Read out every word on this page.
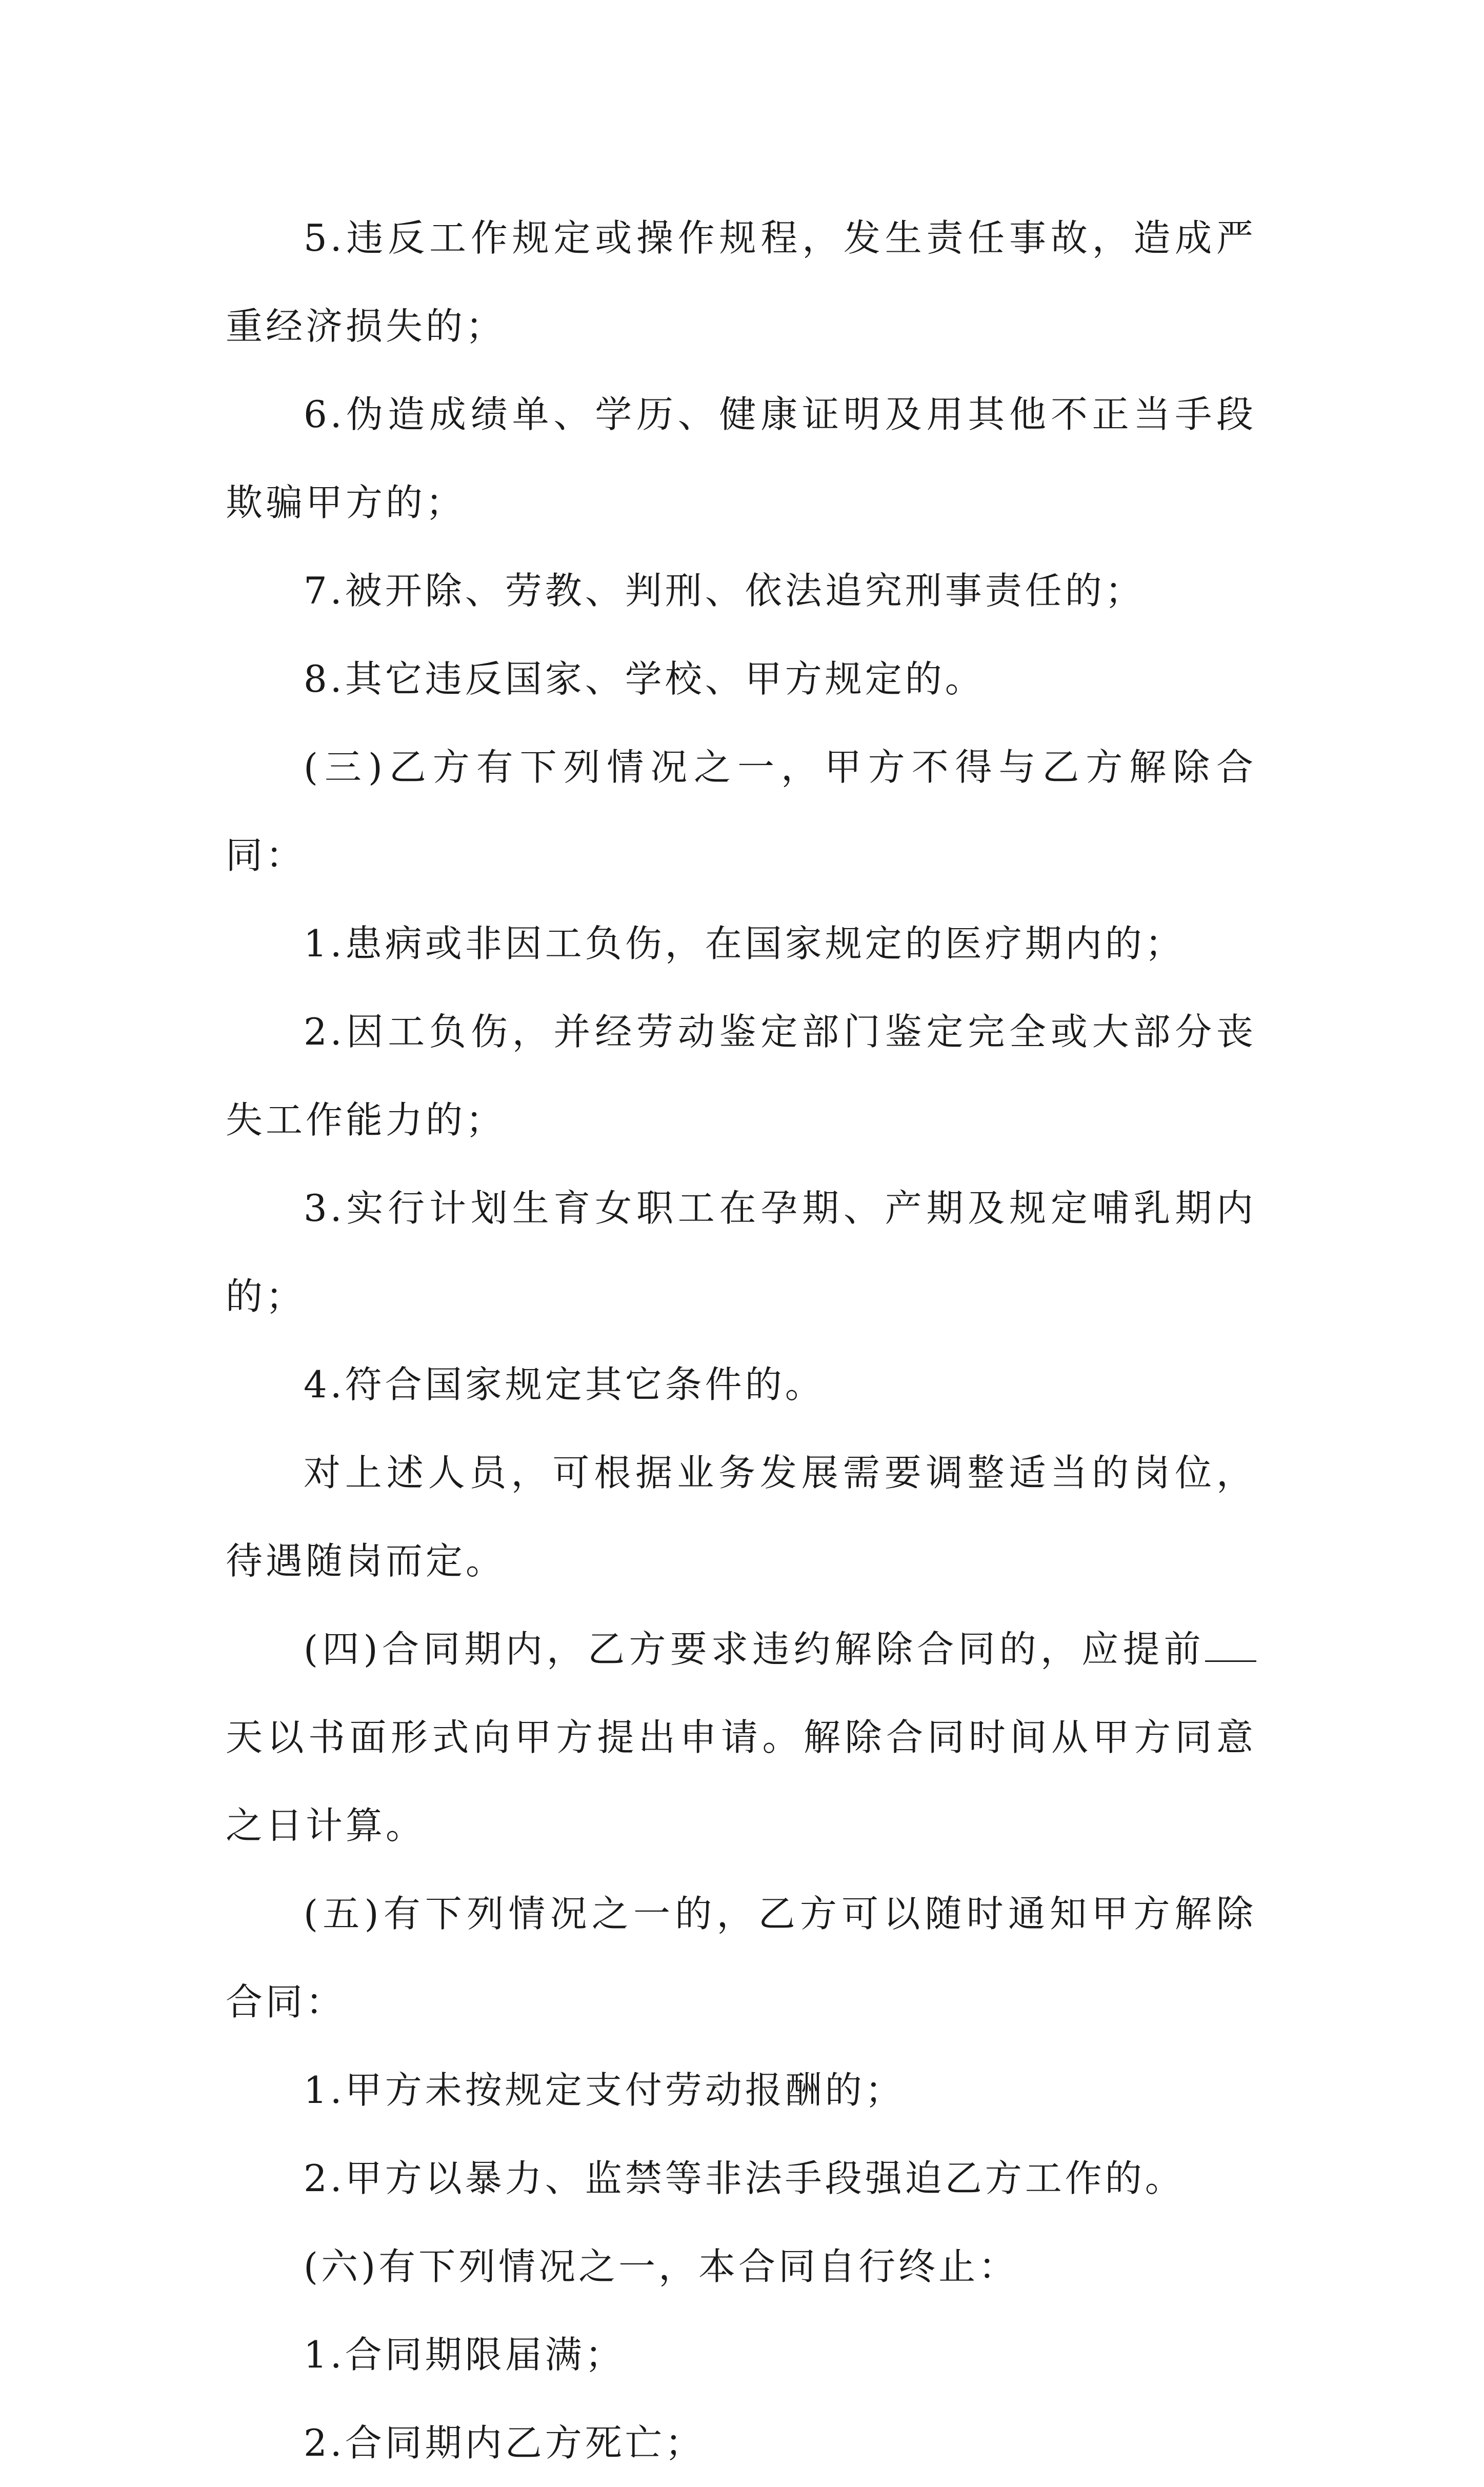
5.违反工作规定或操作规程，发生责任事故，造成严重经济损失的；

6.伪造成绩单、学历、健康证明及用其他不正当手段欺骗甲方的；

7.被开除、劳教、判刑、依法追究刑事责任的；

8.其它违反国家、学校、甲方规定的。

(三)乙方有下列情况之一，甲方不得与乙方解除合同：

1.患病或非因工负伤，在国家规定的医疗期内的；

2.因工负伤，并经劳动鉴定部门鉴定完全或大部分丧失工作能力的；

3.实行计划生育女职工在孕期、产期及规定哺乳期内的；

4.符合国家规定其它条件的。

对上述人员，可根据业务发展需要调整适当的岗位，待遇随岗而定。

(四)合同期内，乙方要求违约解除合同的，应提前天以书面形式向甲方提出申请。解除合同时间从甲方同意之日计算。

(五)有下列情况之一的，乙方可以随时通知甲方解除合同：

1.甲方未按规定支付劳动报酬的；

2.甲方以暴力、监禁等非法手段强迫乙方工作的。

(六)有下列情况之一，本合同自行终止：

1.合同期限届满；

2.合同期内乙方死亡；
